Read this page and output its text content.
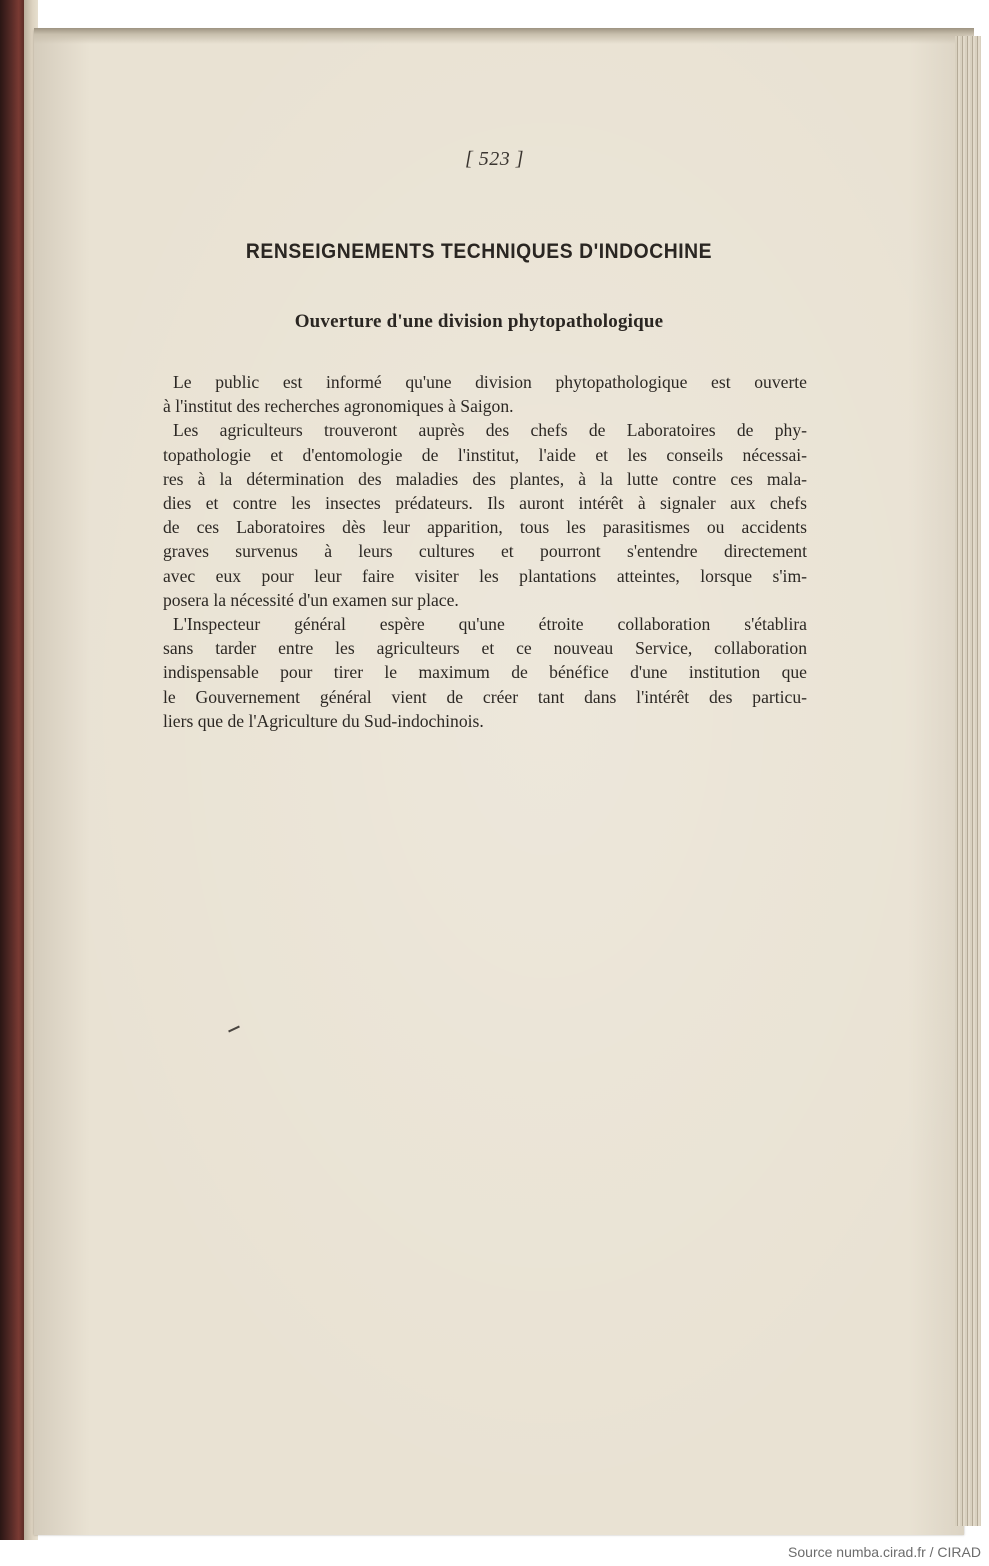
[ 523 ]
RENSEIGNEMENTS TECHNIQUES D'INDOCHINE
Ouverture d'une division phytopathologique
Le public est informé qu'une division phytopathologique est ouverte
à l'institut des recherches agronomiques à Saigon.
Les agriculteurs trouveront auprès des chefs de Laboratoires de phy-
topathologie et d'entomologie de l'institut, l'aide et les conseils nécessai-
res à la détermination des maladies des plantes, à la lutte contre ces mala-
dies et contre les insectes prédateurs. Ils auront intérêt à signaler aux chefs
de ces Laboratoires dès leur apparition, tous les parasitismes ou accidents
graves survenus à leurs cultures et pourront s'entendre directement
avec eux pour leur faire visiter les plantations atteintes, lorsque s'im-
posera la nécessité d'un examen sur place.
L'Inspecteur général espère qu'une étroite collaboration s'établira
sans tarder entre les agriculteurs et ce nouveau Service, collaboration
indispensable pour tirer le maximum de bénéfice d'une institution que
le Gouvernement général vient de créer tant dans l'intérêt des particu-
liers que de l'Agriculture du Sud-indochinois.
Source numba.cirad.fr / CIRAD
